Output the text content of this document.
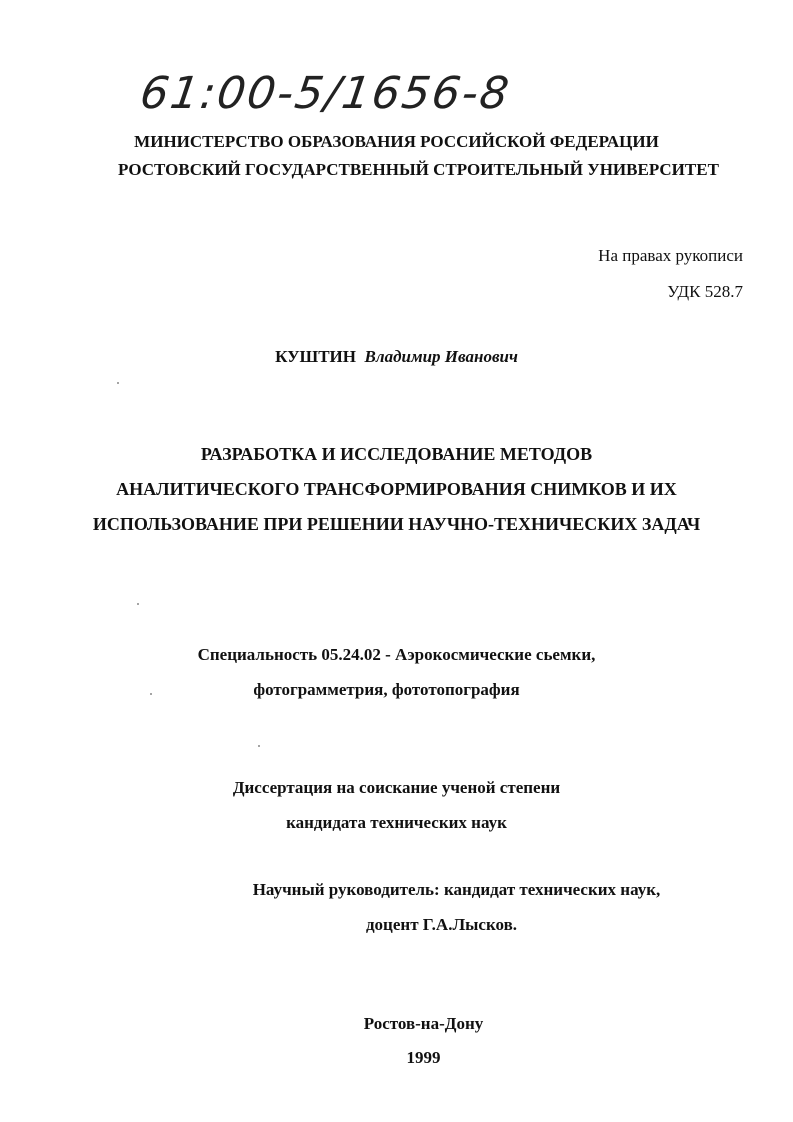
61:00-5/1656-8
МИНИСТЕРСТВО ОБРАЗОВАНИЯ РОССИЙСКОЙ ФЕДЕРАЦИИ
РОСТОВСКИЙ ГОСУДАРСТВЕННЫЙ СТРОИТЕЛЬНЫЙ УНИВЕРСИТЕТ
На правах рукописи
УДК 528.7
КУШТИН Владимир Иванович
РАЗРАБОТКА И ИССЛЕДОВАНИЕ МЕТОДОВ
АНАЛИТИЧЕСКОГО ТРАНСФОРМИРОВАНИЯ СНИМКОВ И ИХ
ИСПОЛЬЗОВАНИЕ ПРИ РЕШЕНИИ НАУЧНО-ТЕХНИЧЕСКИХ ЗАДАЧ
Специальность 05.24.02 - Аэрокосмические сьемки,
фотограмметрия, фототопография
Диссертация на соискание ученой степени
кандидата технических наук
Научный руководитель: кандидат технических наук,
доцент Г.А.Лысков.
Ростов-на-Дону
1999
